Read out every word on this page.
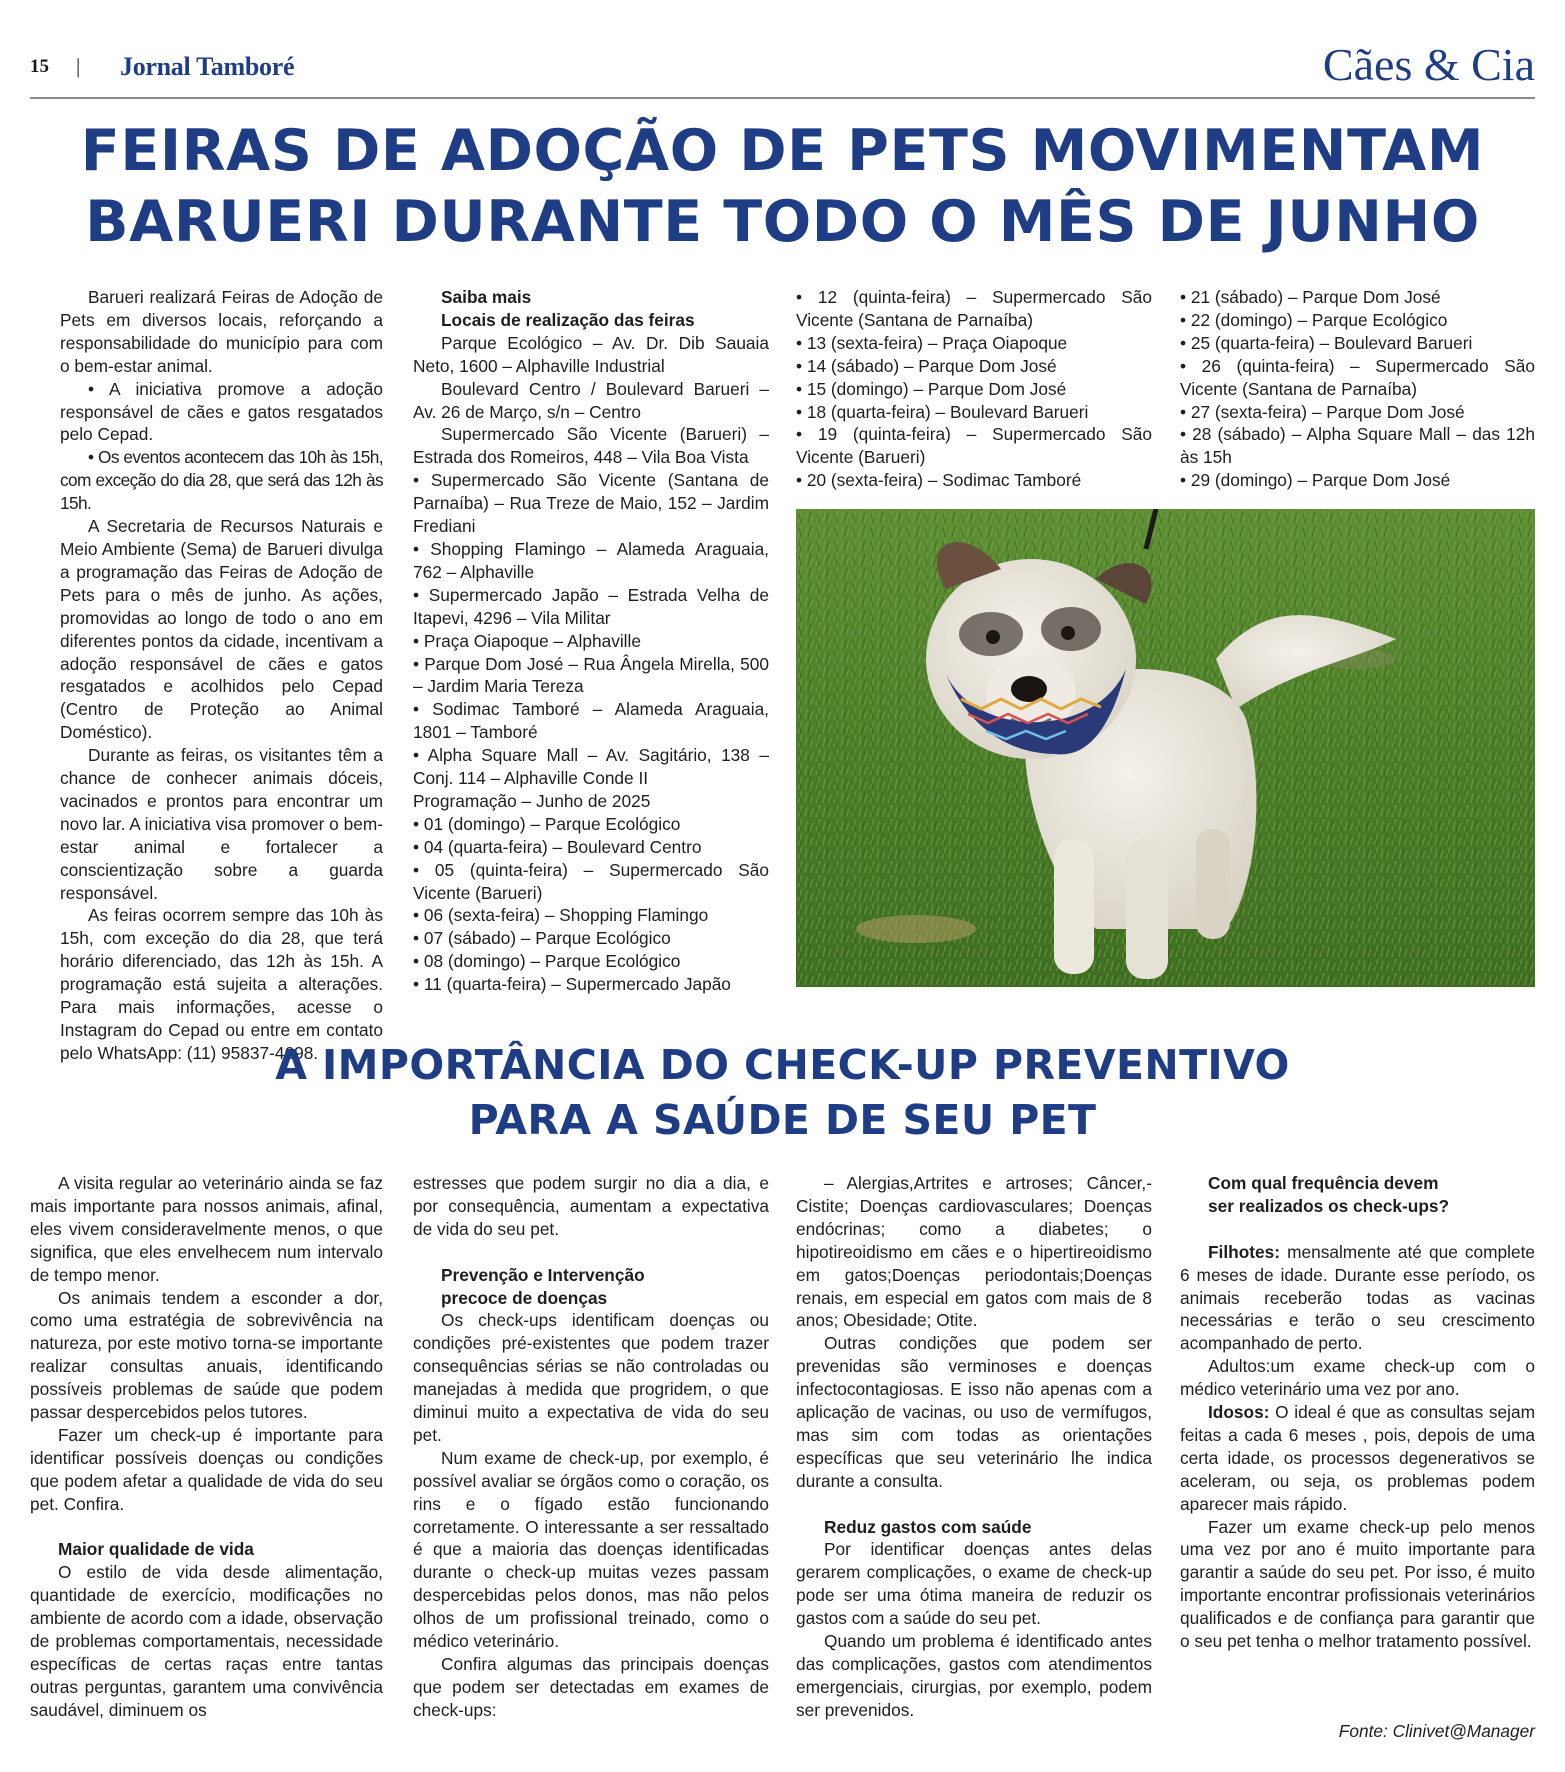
15 | Jornal Tamboré	Cães & Cia
FEIRAS DE ADOÇÃO DE PETS MOVIMENTAM
BARUERI DURANTE TODO O MÊS DE JUNHO

Barueri realizará Feiras de Adoção de Pets em diversos locais, reforçando a responsabilidade do município para com o bem-estar animal.

• A iniciativa promove a adoção responsável de cães e gatos resgatados pelo Cepad.

• Os eventos acontecem das 10h às 15h, com exceção do dia 28, que será das 12h às 15h.

A Secretaria de Recursos Naturais e Meio Ambiente (Sema) de Barueri divulga a programação das Feiras de Adoção de Pets para o mês de junho. As ações, promovidas ao longo de todo o ano em diferentes pontos da cidade, incentivam a adoção responsável de cães e gatos resgatados e acolhidos pelo Cepad (Centro de Proteção ao Animal Doméstico).

Durante as feiras, os visitantes têm a chance de conhecer animais dóceis, vacinados e prontos para encontrar um novo lar. A iniciativa visa promover o bem-estar animal e fortalecer a conscientização sobre a guarda responsável.

As feiras ocorrem sempre das 10h às 15h, com exceção do dia 28, que terá horário diferenciado, das 12h às 15h. A programação está sujeita a alterações. Para mais informações, acesse o Instagram do Cepad ou entre em contato pelo WhatsApp: (11) 95837-4698.

Saiba mais

Locais de realização das feiras

Parque Ecológico – Av. Dr. Dib Sauaia Neto, 1600 – Alphaville Industrial

Boulevard Centro / Boulevard Barueri – Av. 26 de Março, s/n – Centro

Supermercado São Vicente (Barueri) – Estrada dos Romeiros, 448 – Vila Boa Vista

• Supermercado São Vicente (Santana de Parnaíba) – Rua Treze de Maio, 152 – Jardim Frediani

• Shopping Flamingo – Alameda Araguaia, 762 – Alphaville

• Supermercado Japão – Estrada Velha de Itapevi, 4296 – Vila Militar

• Praça Oiapoque – Alphaville

• Parque Dom José – Rua Ângela Mirella, 500 – Jardim Maria Tereza

• Sodimac Tamboré – Alameda Araguaia, 1801 – Tamboré

• Alpha Square Mall – Av. Sagitário, 138 – Conj. 114 – Alphaville Conde II

Programação – Junho de 2025

• 01 (domingo) – Parque Ecológico

• 04 (quarta-feira) – Boulevard Centro

• 05 (quinta-feira) – Supermercado São Vicente (Barueri)

• 06 (sexta-feira) – Shopping Flamingo

• 07 (sábado) – Parque Ecológico

• 08 (domingo) – Parque Ecológico

• 11 (quarta-feira) – Supermercado Japão

• 12 (quinta-feira) – Supermercado São Vicente (Santana de Parnaíba)

• 13 (sexta-feira) – Praça Oiapoque

• 14 (sábado) – Parque Dom José

• 15 (domingo) – Parque Dom José

• 18 (quarta-feira) – Boulevard Barueri

• 19 (quinta-feira) – Supermercado São Vicente (Barueri)

• 20 (sexta-feira) – Sodimac Tamboré

• 21 (sábado) – Parque Dom José

• 22 (domingo) – Parque Ecológico

• 25 (quarta-feira) – Boulevard Barueri

• 26 (quinta-feira) – Supermercado São Vicente (Santana de Parnaíba)

• 27 (sexta-feira) – Parque Dom José

• 28 (sábado) – Alpha Square Mall – das 12h às 15h

• 29 (domingo) – Parque Dom José

A IMPORTÂNCIA DO CHECK-UP PREVENTIVO
PARA A SAÚDE DE SEU PET

A visita regular ao veterinário ainda se faz mais importante para nossos animais, afinal, eles vivem consideravelmente menos, o que significa, que eles envelhecem num intervalo de tempo menor.

Os animais tendem a esconder a dor, como uma estratégia de sobrevivência na natureza, por este motivo torna-se importante realizar consultas anuais, identificando possíveis problemas de saúde que podem passar despercebidos pelos tutores.

Fazer um check-up é importante para identificar possíveis doenças ou condições que podem afetar a qualidade de vida do seu pet. Confira.

Maior qualidade de vida

O estilo de vida desde alimentação, quantidade de exercício, modificações no ambiente de acordo com a idade, observação de problemas comportamentais, necessidade específicas de certas raças entre tantas outras perguntas, garantem uma convivência saudável, diminuem os

estresses que podem surgir no dia a dia, e por consequência, aumentam a expectativa de vida do seu pet.

Prevenção e Intervenção

precoce de doenças

Os check-ups identificam doenças ou condições pré-existentes que podem trazer consequências sérias se não controladas ou manejadas à medida que progridem, o que diminui muito a expectativa de vida do seu pet.

Num exame de check-up, por exemplo, é possível avaliar se órgãos como o coração, os rins e o fígado estão funcionando corretamente. O interessante a ser ressaltado é que a maioria das doenças identificadas durante o check-up muitas vezes passam despercebidas pelos donos, mas não pelos olhos de um profissional treinado, como o médico veterinário.

Confira algumas das principais doenças que podem ser detectadas em exames de check-ups:

– Alergias,Artrites e artroses; Câncer,-Cistite; Doenças cardiovasculares; Doenças endócrinas; como a diabetes; o hipotireoidismo em cães e o hipertireoidismo em gatos;Doenças periodontais;Doenças renais, em especial em gatos com mais de 8 anos; Obesidade; Otite.

Outras condições que podem ser prevenidas são verminoses e doenças infectocontagiosas. E isso não apenas com a aplicação de vacinas, ou uso de vermífugos, mas sim com todas as orientações específicas que seu veterinário lhe indica durante a consulta.

Reduz gastos com saúde

Por identificar doenças antes delas gerarem complicações, o exame de check-up pode ser uma ótima maneira de reduzir os gastos com a saúde do seu pet.

Quando um problema é identificado antes das complicações, gastos com atendimentos emergenciais, cirurgias, por exemplo, podem ser prevenidos.

Com qual frequência devem

ser realizados os check-ups?

Filhotes: mensalmente até que complete 6 meses de idade. Durante esse período, os animais receberão todas as vacinas necessárias e terão o seu crescimento acompanhado de perto.

Adultos:um exame check-up com o médico veterinário uma vez por ano.

Idosos: O ideal é que as consultas sejam feitas a cada 6 meses , pois, depois de uma certa idade, os processos degenerativos se aceleram, ou seja, os problemas podem aparecer mais rápido.

Fazer um exame check-up pelo menos uma vez por ano é muito importante para garantir a saúde do seu pet. Por isso, é muito importante encontrar profissionais veterinários qualificados e de confiança para garantir que o seu pet tenha o melhor tratamento possível.

Fonte: Clinivet@Manager
